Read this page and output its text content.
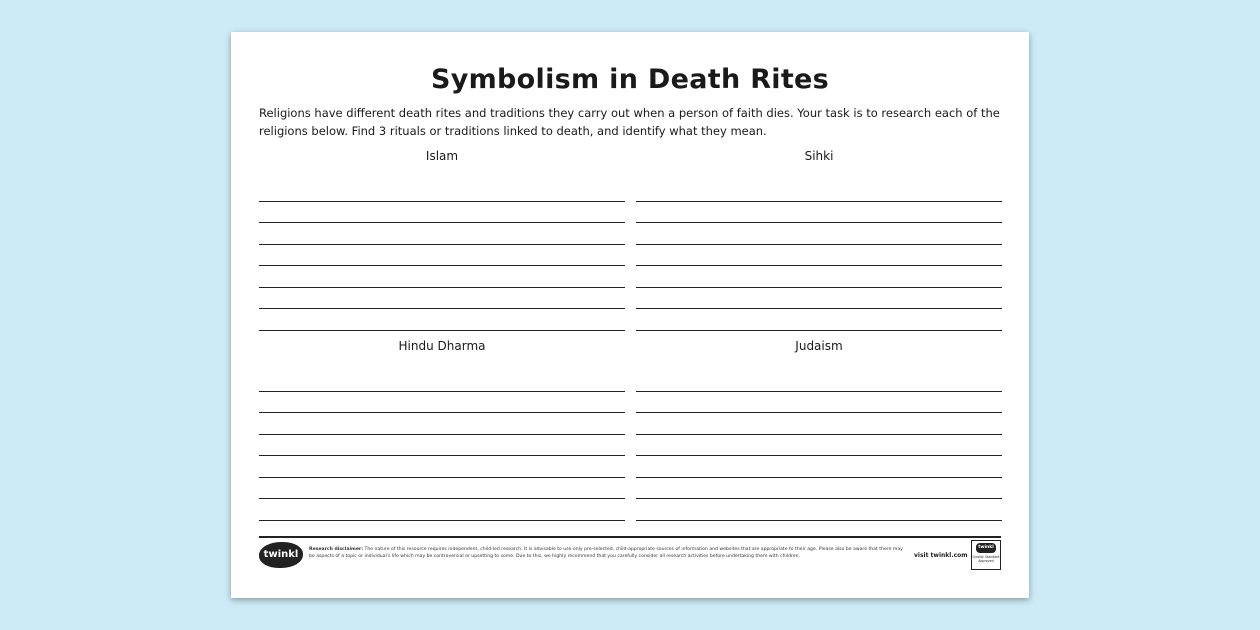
Symbolism in Death Rites
Religions have different death rites and traditions they carry out when a person of faith dies. Your task is to research each of the religions below. Find 3 rituals or traditions linked to death, and identify what they mean.
Islam	Sihki
Hindu Dharma	Judaism
twinkl	Research disclaimer: The nature of this resource requires independent, child-led research. It is advisable to use only pre-selected, child-appropriate sources of information and websites that are appropriate to their age. Please also be aware that there may be aspects of a topic or individual's life which may be controversial or upsetting to some. Due to this, we highly recommend that you carefully consider all research activities before undertaking them with children.	visit twinkl.com
twinkl
Quality Standard Approved
